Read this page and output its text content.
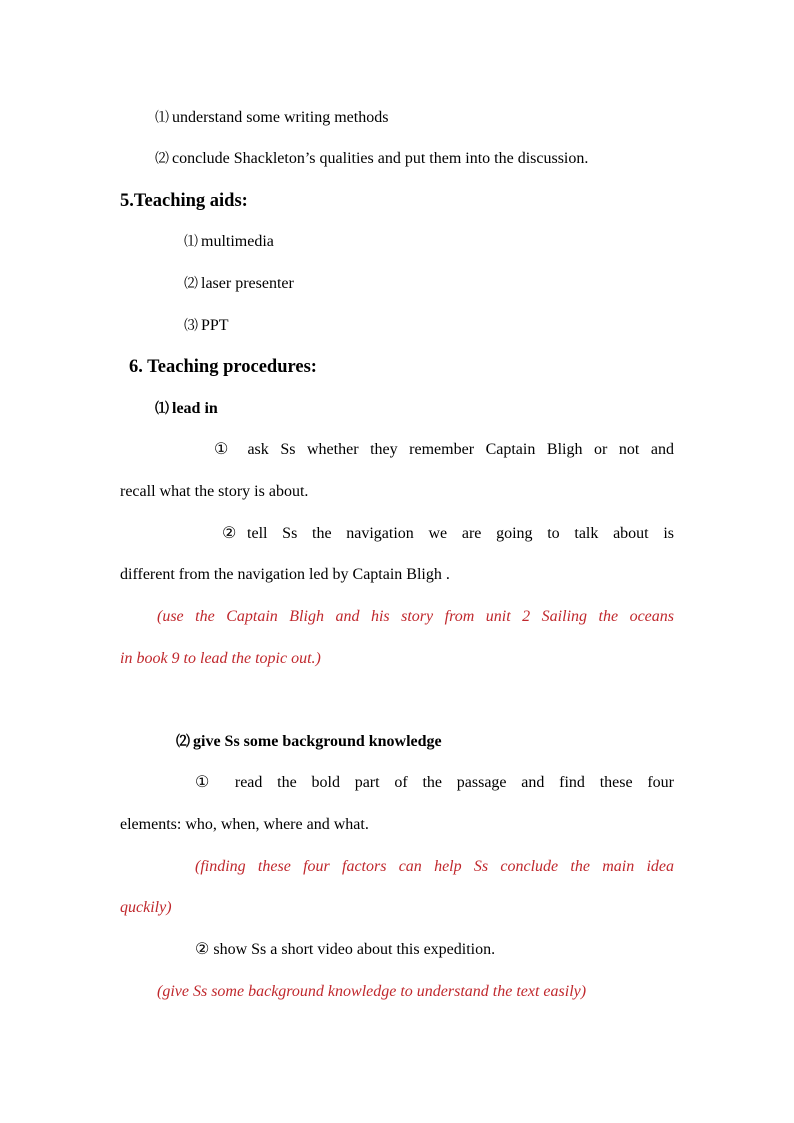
⑴ understand some writing methods
⑵ conclude Shackleton’s qualities and put them into the discussion.
5.Teaching aids:
⑴ multimedia
⑵ laser presenter
⑶ PPT
6. Teaching procedures:
⑴ lead in
① ask Ss whether they remember Captain Bligh or not and
recall what the story is about.
②tell Ss the navigation we are going to talk about is
different from the navigation led by Captain Bligh .
(use the Captain Bligh and his story from unit 2 Sailing the oceans
in book 9 to lead the topic out.)
⑵ give Ss some background knowledge
① read the bold part of the passage and find these four
elements: who, when, where and what.
(finding these four factors can help Ss conclude the main idea
quckily)
② show Ss a short video about this expedition.
(give Ss some background knowledge to understand the text easily)
